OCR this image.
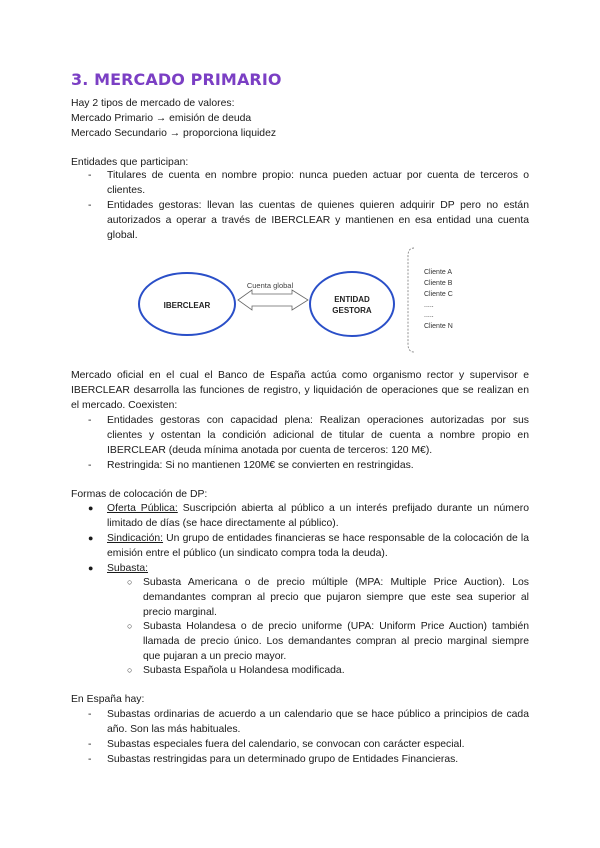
3. MERCADO PRIMARIO
Hay 2 tipos de mercado de valores:
Mercado Primario → emisión de deuda
Mercado Secundario → proporciona liquidez
Entidades que participan:
- Titulares de cuenta en nombre propio: nunca pueden actuar por cuenta de terceros o clientes.
- Entidades gestoras: llevan las cuentas de quienes quieren adquirir DP pero no están autorizados a operar a través de IBERCLEAR y mantienen en esa entidad una cuenta global.
IBERCLEAR
ENTIDAD
GESTORA
Cuenta global
Cliente A
Cliente B
Cliente C
.....
.....
Cliente N
Mercado oficial en el cual el Banco de España actúa como organismo rector y supervisor e IBERCLEAR desarrolla las funciones de registro, y liquidación de operaciones que se realizan en el mercado. Coexisten:
- Entidades gestoras con capacidad plena: Realizan operaciones autorizadas por sus clientes y ostentan la condición adicional de titular de cuenta a nombre propio en IBERCLEAR (deuda mínima anotada por cuenta de terceros: 120 M€).
- Restringida: Si no mantienen 120M€ se convierten en restringidas.
Formas de colocación de DP:
● Oferta Pública: Suscripción abierta al público a un interés prefijado durante un número limitado de días (se hace directamente al público).
● Sindicación: Un grupo de entidades financieras se hace responsable de la colocación de la emisión entre el público (un sindicato compra toda la deuda).
● Subasta:
○ Subasta Americana o de precio múltiple (MPA: Multiple Price Auction). Los demandantes compran al precio que pujaron siempre que este sea superior al precio marginal.
○ Subasta Holandesa o de precio uniforme (UPA: Uniform Price Auction) también llamada de precio único. Los demandantes compran al precio marginal siempre que pujaran a un precio mayor.
○ Subasta Española u Holandesa modificada.
En España hay:
- Subastas ordinarias de acuerdo a un calendario que se hace público a principios de cada año. Son las más habituales.
- Subastas especiales fuera del calendario, se convocan con carácter especial.
- Subastas restringidas para un determinado grupo de Entidades Financieras.
